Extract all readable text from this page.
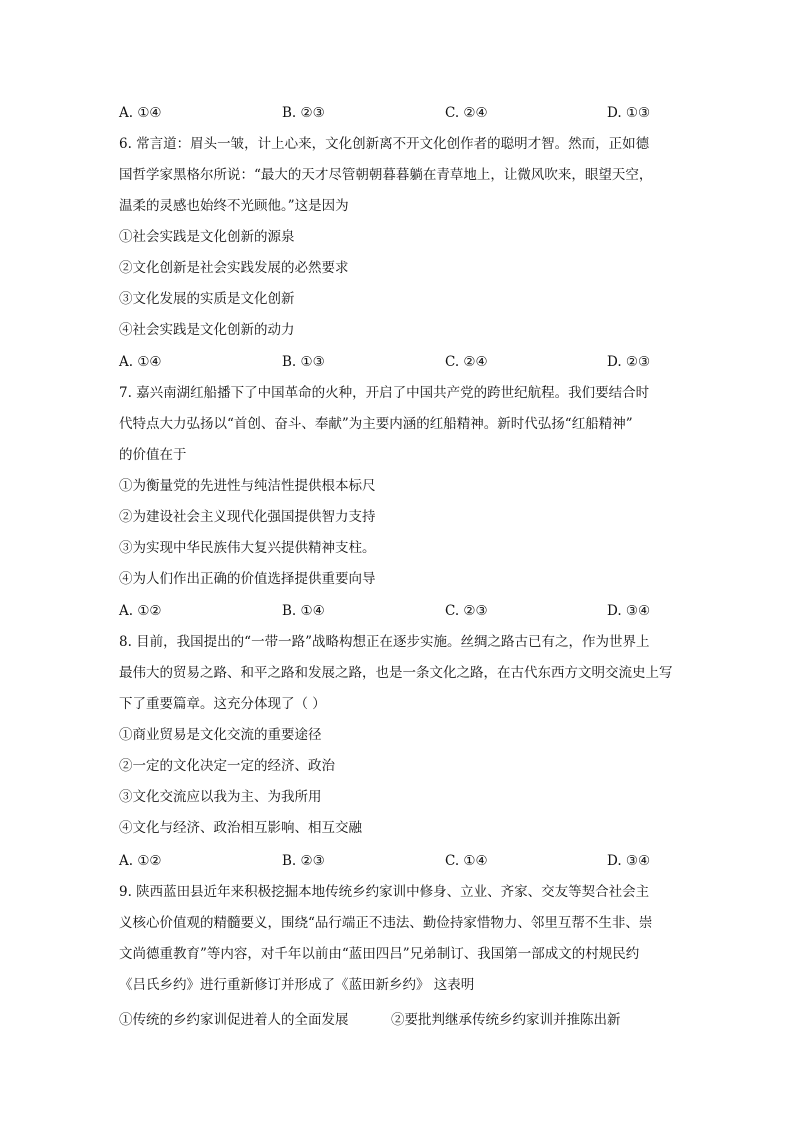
A. ①④	B. ②③	C. ②④	D. ①③

6. 常言道：眉头一皱，计上心来，文化创新离不开文化创作者的聪明才智。然而，正如德

国哲学家黑格尔所说：“最大的天才尽管朝朝暮暮躺在青草地上，让微风吹来，眼望天空，

温柔的灵感也始终不光顾他。”这是因为

①社会实践是文化创新的源泉

②文化创新是社会实践发展的必然要求

③文化发展的实质是文化创新

④社会实践是文化创新的动力

A. ①④	B. ①③	C. ②④	D. ②③

7. 嘉兴南湖红船播下了中国革命的火种，开启了中国共产党的跨世纪航程。我们要结合时

代特点大力弘扬以“首创、奋斗、奉献”为主要内涵的红船精神。新时代弘扬“红船精神”

的价值在于

①为衡量党的先进性与纯洁性提供根本标尺

②为建设社会主义现代化强国提供智力支持

③为实现中华民族伟大复兴提供精神支柱。

④为人们作出正确的价值选择提供重要向导

A. ①②	B. ①④	C. ②③	D. ③④

8. 目前，我国提出的“一带一路”战略构想正在逐步实施。丝绸之路古已有之，作为世界上

最伟大的贸易之路、和平之路和发展之路，也是一条文化之路，在古代东西方文明交流史上写

下了重要篇章。这充分体现了（ ）

①商业贸易是文化交流的重要途径

②一定的文化决定一定的经济、政治

③文化交流应以我为主、为我所用

④文化与经济、政治相互影响、相互交融

A. ①②	B. ②③	C. ①④	D. ③④

9. 陕西蓝田县近年来积极挖掘本地传统乡约家训中修身、立业、齐家、交友等契合社会主

义核心价值观的精髓要义，围绕“品行端正不违法、勤俭持家惜物力、邻里互帮不生非、崇

文尚德重教育”等内容，对千年以前由“蓝田四吕”兄弟制订、我国第一部成文的村规民约

《吕氏乡约》进行重新修订并形成了《蓝田新乡约》 这表明

①传统的乡约家训促进着人的全面发展	②要批判继承传统乡约家训并推陈出新
